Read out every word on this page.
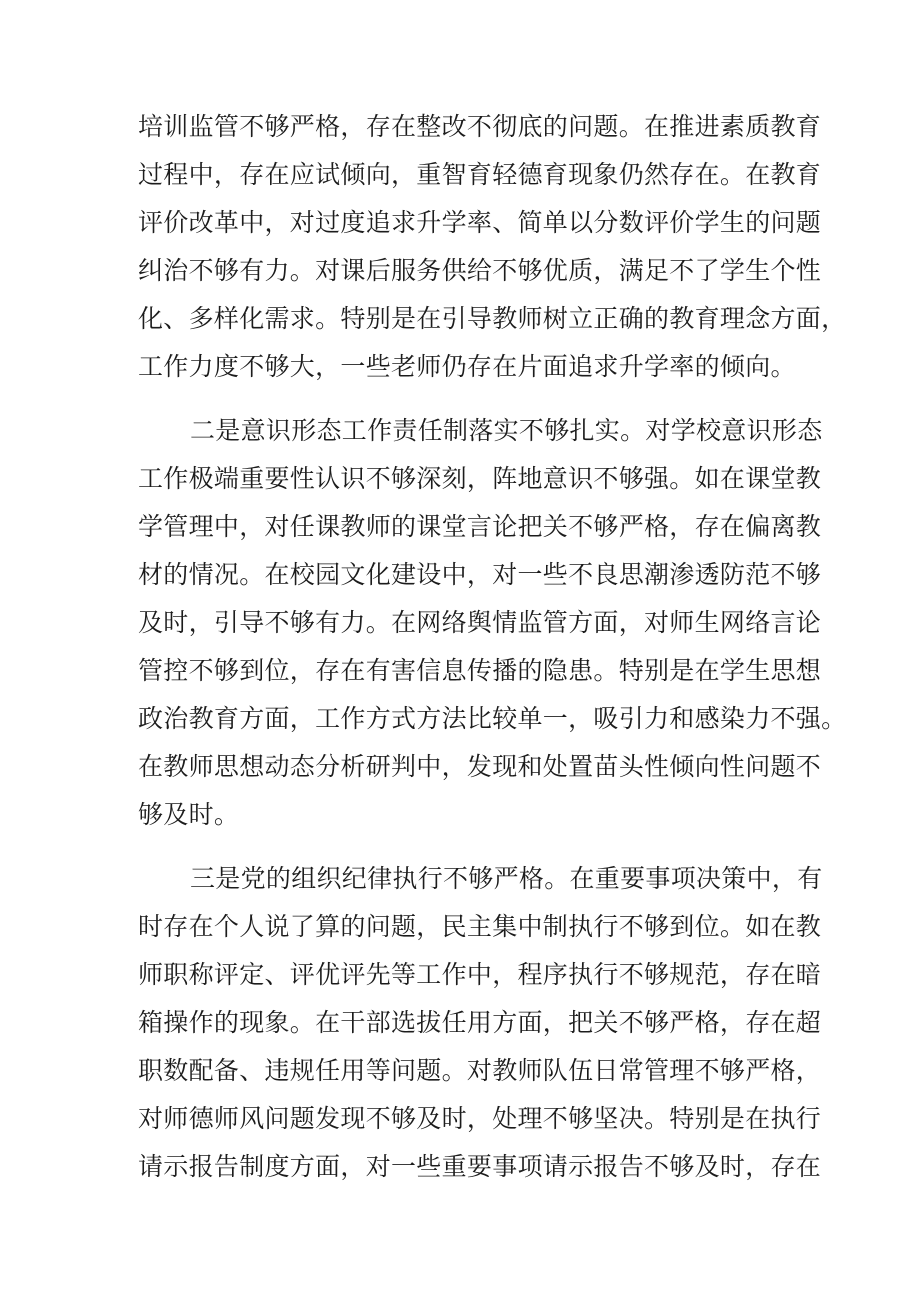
培训监管不够严格，存在整改不彻底的问题。在推进素质教育
过程中，存在应试倾向，重智育轻德育现象仍然存在。在教育
评价改革中，对过度追求升学率、简单以分数评价学生的问题
纠治不够有力。对课后服务供给不够优质，满足不了学生个性
化、多样化需求。特别是在引导教师树立正确的教育理念方面，
工作力度不够大，一些老师仍存在片面追求升学率的倾向。
二是意识形态工作责任制落实不够扎实。对学校意识形态
工作极端重要性认识不够深刻，阵地意识不够强。如在课堂教
学管理中，对任课教师的课堂言论把关不够严格，存在偏离教
材的情况。在校园文化建设中，对一些不良思潮渗透防范不够
及时，引导不够有力。在网络舆情监管方面，对师生网络言论
管控不够到位，存在有害信息传播的隐患。特别是在学生思想
政治教育方面，工作方式方法比较单一，吸引力和感染力不强。
在教师思想动态分析研判中，发现和处置苗头性倾向性问题不
够及时。
三是党的组织纪律执行不够严格。在重要事项决策中，有
时存在个人说了算的问题，民主集中制执行不够到位。如在教
师职称评定、评优评先等工作中，程序执行不够规范，存在暗
箱操作的现象。在干部选拔任用方面，把关不够严格，存在超
职数配备、违规任用等问题。对教师队伍日常管理不够严格，
对师德师风问题发现不够及时，处理不够坚决。特别是在执行
请示报告制度方面，对一些重要事项请示报告不够及时，存在
